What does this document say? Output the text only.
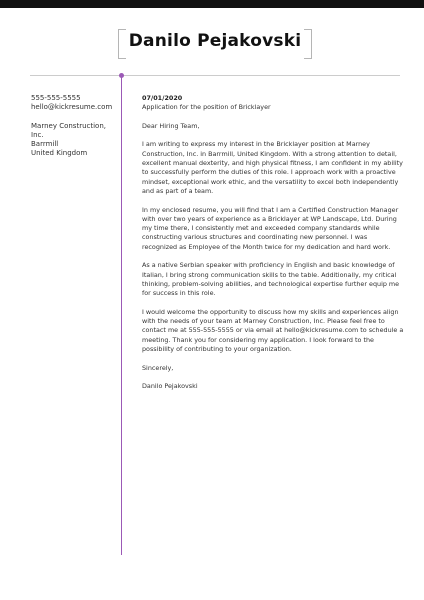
Danilo Pejakovski
555-555-5555
hello@kickresume.com
Marney Construction, Inc.
Barrmill
United Kingdom
07/01/2020
Application for the position of Bricklayer
Dear Hiring Team,
I am writing to express my interest in the Bricklayer position at Marney Construction, Inc. in Barrmill, United Kingdom. With a strong attention to detail, excellent manual dexterity, and high physical fitness, I am confident in my ability to successfully perform the duties of this role. I approach work with a proactive mindset, exceptional work ethic, and the versatility to excel both independently and as part of a team.
In my enclosed resume, you will find that I am a Certified Construction Manager with over two years of experience as a Bricklayer at WP Landscape, Ltd. During my time there, I consistently met and exceeded company standards while constructing various structures and coordinating new personnel. I was recognized as Employee of the Month twice for my dedication and hard work.
As a native Serbian speaker with proficiency in English and basic knowledge of Italian, I bring strong communication skills to the table. Additionally, my critical thinking, problem-solving abilities, and technological expertise further equip me for success in this role.
I would welcome the opportunity to discuss how my skills and experiences align with the needs of your team at Marney Construction, Inc. Please feel free to contact me at 555-555-5555 or via email at hello@kickresume.com to schedule a meeting. Thank you for considering my application. I look forward to the possibility of contributing to your organization.
Sincerely,
Danilo Pejakovski
